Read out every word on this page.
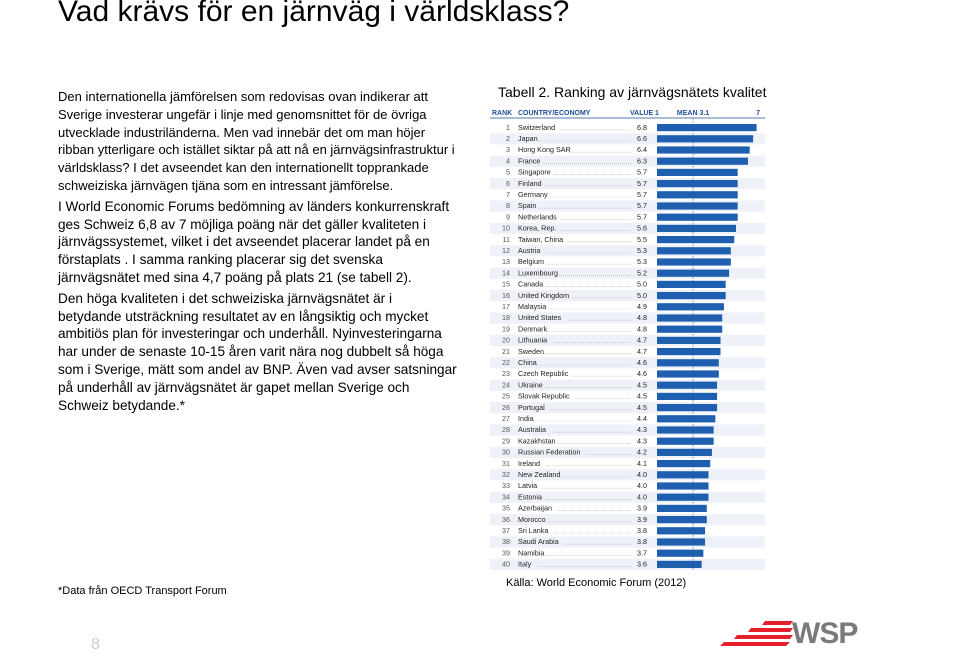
Vad krävs för en järnväg i världsklass?

Den internationella jämförelsen som redovisas ovan indikerar att Sverige investerar ungefär i linje med genomsnittet för de övriga utvecklade industriländerna. Men vad innebär det om man höjer ribban ytterligare och istället siktar på att nå en järnvägsinfrastruktur i världsklass? I det avseendet kan den internationellt topprankade schweiziska järnvägen tjäna som en intressant jämförelse.

I World Economic Forums bedömning av länders konkurrenskraft ges Schweiz 6,8 av 7 möjliga poäng när det gäller kvaliteten i järnvägssystemet, vilket i det avseendet placerar landet på en förstaplats . I samma ranking placerar sig det svenska järnvägsnätet med sina 4,7 poäng på plats 21 (se tabell 2).

Den höga kvaliteten i det schweiziska järnvägsnätet är i betydande utsträckning resultatet av en långsiktig och mycket ambitiös plan för investeringar och underhåll. Nyinvesteringarna har under de senaste 10-15 åren varit nära nog dubbelt så höga som i Sverige, mätt som andel av BNP. Även vad avser satsningar på underhåll av järnvägsnätet är gapet mellan Sverige och Schweiz betydande.*

Tabell 2. Ranking av järnvägsnätets kvalitet
RANK COUNTRY/ECONOMY	VALUE 1	MEAN 3.1	7
1 Switzerland	6.8
2 Japan	6.6
3 Hong Kong SAR	6.4
4 France	6.3
5 Singapore	5.7
6 Finland	5.7
7 Germany	5.7
8 Spain	5.7
9 Netherlands	5.7
10 Korea, Rep.	5.6
11 Taiwan, China	5.5
12 Austria	5.3
13 Belgium	5.3
14 Luxembourg	5.2
15 Canada	5.0
16 United Kingdom	5.0
17 Malaysia	4.9
18 United States	4.8
19 Denmark	4.8
20 Lithuania	4.7
21 Sweden	4.7
22 China	4.6
23 Czech Republic	4.6
24 Ukraine	4.5
25 Slovak Republic	4.5
26 Portugal	4.5
27 India	4.4
28 Australia	4.3
29 Kazakhstan	4.3
30 Russian Federation	4.2
31 Ireland	4.1
32 New Zealand	4.0
33 Latvia	4.0
34 Estonia	4.0
35 Azerbaijan	3.9
36 Morocco	3.9
37 Sri Lanka	3.8
38 Saudi Arabia	3.8
39 Namibia	3.7
40 Italy	3.6
Källa: World Economic Forum (2012)
*Data från OECD Transport Forum
8	WSP
